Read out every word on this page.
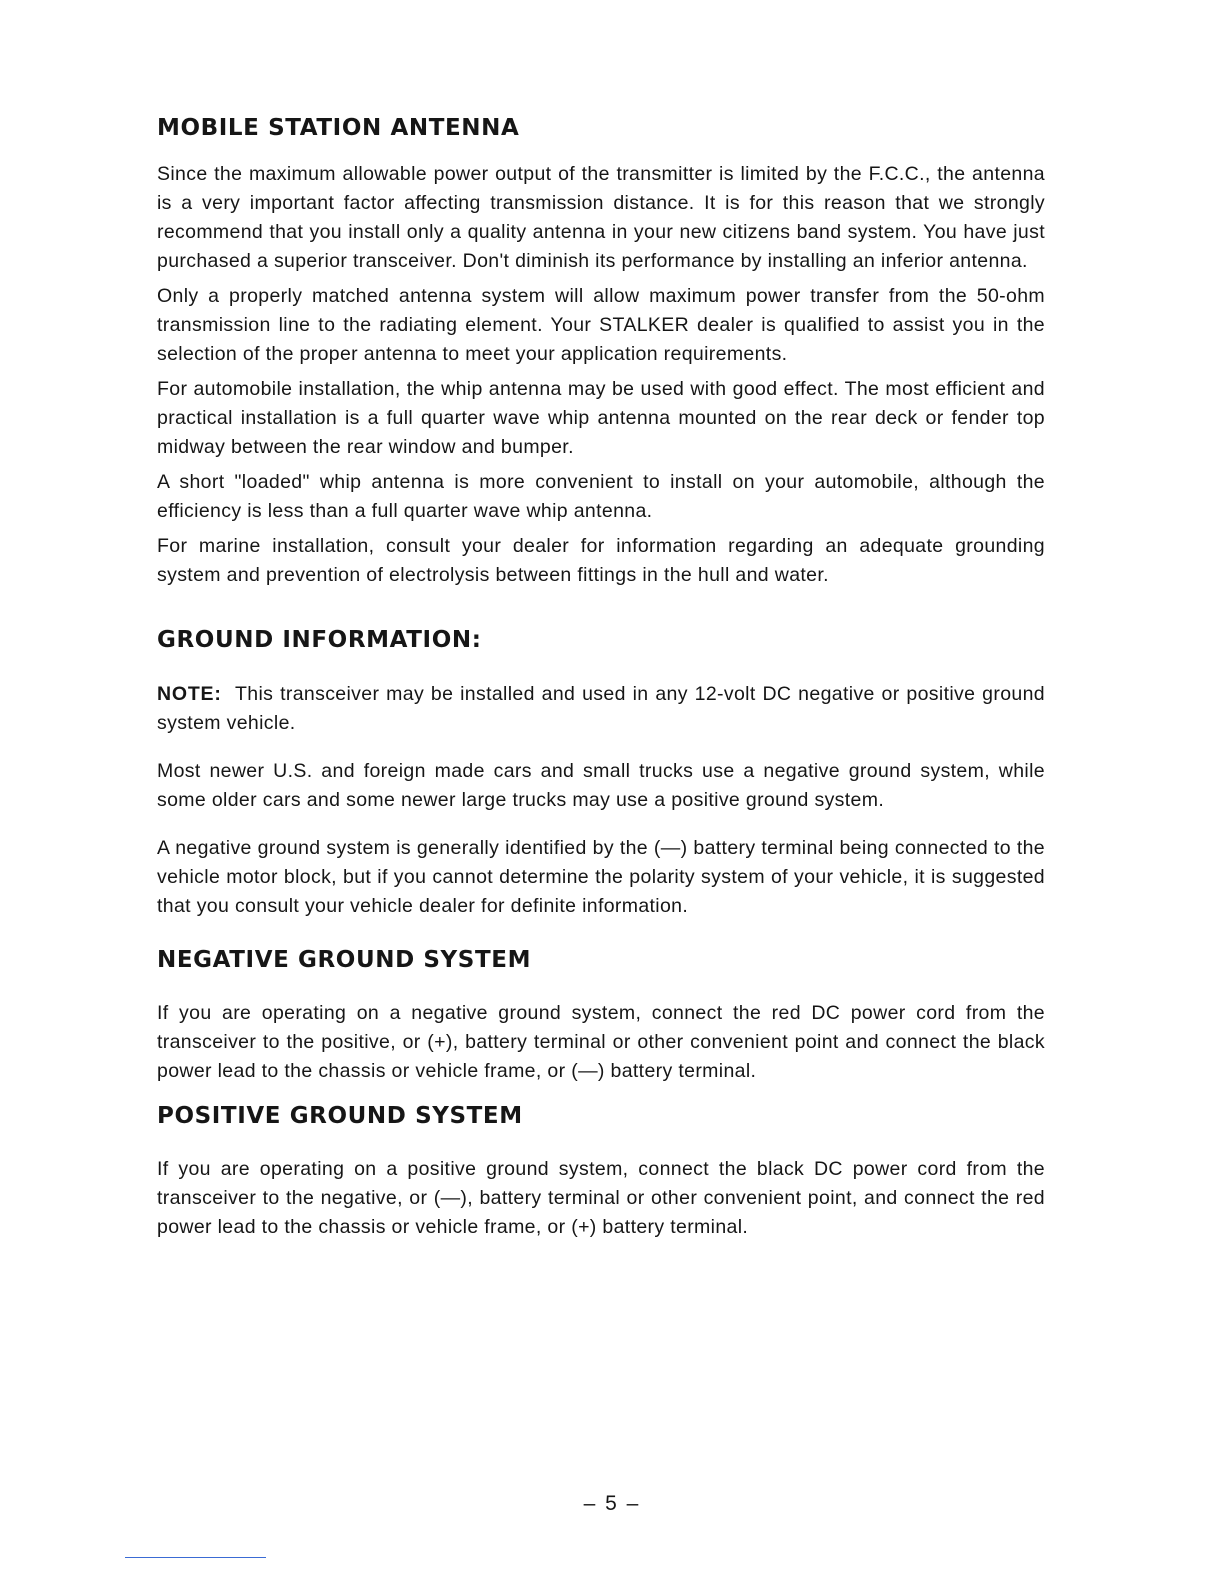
MOBILE STATION ANTENNA

Since the maximum allowable power output of the transmitter is limited by the F.C.C., the antenna is a very important factor affecting transmission distance. It is for this reason that we strongly recommend that you install only a quality antenna in your new citizens band system. You have just purchased a superior transceiver. Don't diminish its performance by installing an inferior antenna.

Only a properly matched antenna system will allow maximum power transfer from the 50-ohm transmission line to the radiating element. Your STALKER dealer is qualified to assist you in the selection of the proper antenna to meet your application requirements.

For automobile installation, the whip antenna may be used with good effect. The most efficient and practical installation is a full quarter wave whip antenna mounted on the rear deck or fender top midway between the rear window and bumper.

A short "loaded" whip antenna is more convenient to install on your automobile, although the efficiency is less than a full quarter wave whip antenna.

For marine installation, consult your dealer for information regarding an adequate grounding system and prevention of electrolysis between fittings in the hull and water.

GROUND INFORMATION:

NOTE: This transceiver may be installed and used in any 12-volt DC negative or positive ground system vehicle.

Most newer U.S. and foreign made cars and small trucks use a negative ground system, while some older cars and some newer large trucks may use a positive ground system.

A negative ground system is generally identified by the (—) battery terminal being connected to the vehicle motor block, but if you cannot determine the polarity system of your vehicle, it is suggested that you consult your vehicle dealer for definite information.

NEGATIVE GROUND SYSTEM

If you are operating on a negative ground system, connect the red DC power cord from the transceiver to the positive, or (+), battery terminal or other convenient point and connect the black power lead to the chassis or vehicle frame, or (—) battery terminal.

POSITIVE GROUND SYSTEM

If you are operating on a positive ground system, connect the black DC power cord from the transceiver to the negative, or (—), battery terminal or other convenient point, and connect the red power lead to the chassis or vehicle frame, or (+) battery terminal.

– 5 –
